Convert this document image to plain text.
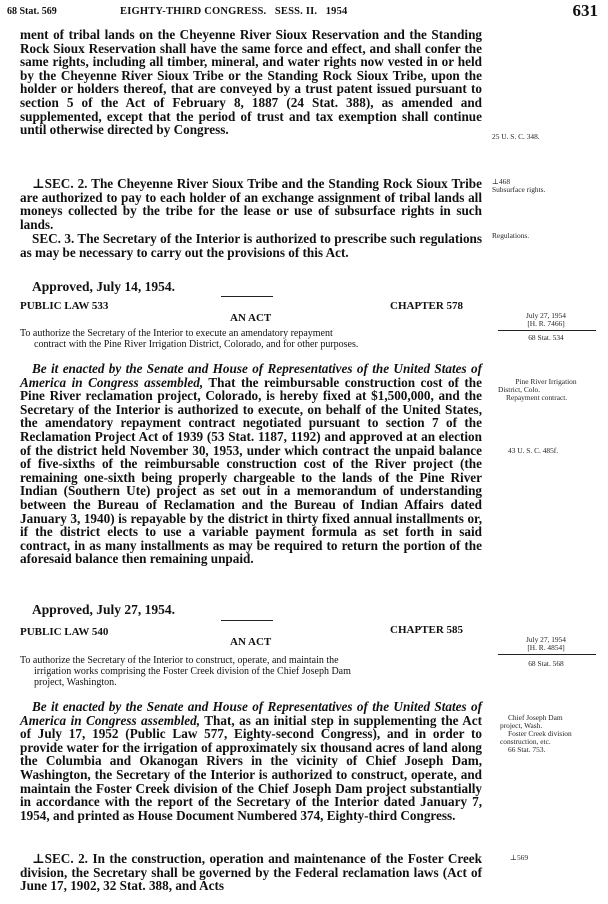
68 Stat. 569	EIGHTY-THIRD CONGRESS.   SESS. II.   1954	631
ment of tribal lands on the Cheyenne River Sioux Reservation and the Standing Rock Sioux Reservation shall have the same force and effect, and shall confer the same rights, including all timber, mineral, and water rights now vested in or held by the Cheyenne River Sioux Tribe or the Standing Rock Sioux Tribe, upon the holder or holders thereof, that are conveyed by a trust patent issued pursuant to section 5 of the Act of February 8, 1887 (24 Stat. 388), as amended and supplemented, except that the period of trust and tax exemption shall continue until otherwise directed by Congress.
⊥SEC. 2. The Cheyenne River Sioux Tribe and the Standing Rock Sioux Tribe are authorized to pay to each holder of an exchange assignment of tribal lands all moneys collected by the tribe for the lease or use of subsurface rights in such lands.
SEC. 3. The Secretary of the Interior is authorized to prescribe such regulations as may be necessary to carry out the provisions of this Act.
Approved, July 14, 1954.
PUBLIC LAW 533	CHAPTER 578
AN ACT
To authorize the Secretary of the Interior to execute an amendatory repayment
contract with the Pine River Irrigation District, Colorado, and for other purposes.
Be it enacted by the Senate and House of Representatives of the United States of America in Congress assembled, That the reimbursable construction cost of the Pine River reclamation project, Colorado, is hereby fixed at $1,500,000, and the Secretary of the Interior is authorized to execute, on behalf of the United States, the amendatory repayment contract negotiated pursuant to section 7 of the Reclamation Project Act of 1939 (53 Stat. 1187, 1192) and approved at an election of the district held November 30, 1953, under which contract the unpaid balance of five-sixths of the reimbursable construction cost of the River project (the remaining one-sixth being properly chargeable to the lands of the Pine River Indian (Southern Ute) project as set out in a memorandum of understanding between the Bureau of Reclamation and the Bureau of Indian Affairs dated January 3, 1940) is repayable by the district in thirty fixed annual installments or, if the district elects to use a variable payment formula as set forth in said contract, in as many installments as may be required to return the portion of the aforesaid balance then remaining unpaid.
Approved, July 27, 1954.
PUBLIC LAW 540	CHAPTER 585
AN ACT
To authorize the Secretary of the Interior to construct, operate, and maintain the
irrigation works comprising the Foster Creek division of the Chief Joseph Dam
project, Washington.
Be it enacted by the Senate and House of Representatives of the United States of America in Congress assembled, That, as an initial step in supplementing the Act of July 17, 1952 (Public Law 577, Eighty-second Congress), and in order to provide water for the irrigation of approximately six thousand acres of land along the Columbia and Okanogan Rivers in the vicinity of Chief Joseph Dam, Washington, the Secretary of the Interior is authorized to construct, operate, and maintain the Foster Creek division of the Chief Joseph Dam project substantially in accordance with the report of the Secretary of the Interior dated January 7, 1954, and printed as House Document Numbered 374, Eighty-third Congress.
⊥SEC. 2. In the construction, operation and maintenance of the Foster Creek division, the Secretary shall be governed by the Federal reclamation laws (Act of June 17, 1902, 32 Stat. 388, and Acts
25 U. S. C. 348.
⊥468
Subsurface rights.
Regulations.
July 27, 1954
[H. R. 7466]
68 Stat. 534
Pine River Irrigation
District, Colo.
Repayment contract.
43 U. S. C. 485f.
July 27, 1954
[H. R. 4854]
68 Stat. 568
Chief Joseph Dam
project, Wash.
Foster Creek division
construction, etc.
66 Stat. 753.
⊥569
